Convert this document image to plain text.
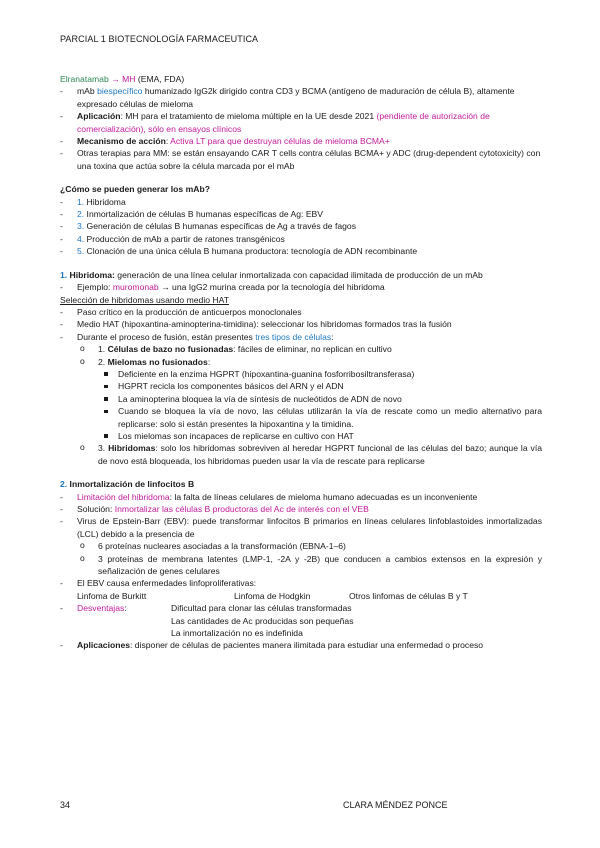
PARCIAL 1 BIOTECNOLOGÍA FARMACEUTICA
Elranatamab → MH (EMA, FDA)
- mAb biespecífico humanizado IgG2k dirigido contra CD3 y BCMA (antígeno de maduración de célula B), altamente expresado células de mieloma
- Aplicación: MH para el tratamiento de mieloma múltiple en la UE desde 2021 (pendiente de autorización de comercialización), sólo en ensayos clínicos
- Mecanismo de acción: Activa LT para que destruyan células de mieloma BCMA+
- Otras terapias para MM: se están ensayando CAR T cells contra células BCMA+ y ADC (drug-dependent cytotoxicity) con una toxina que actúa sobre la célula marcada por el mAb
¿Cómo se pueden generar los mAb?
- 1. Hibridoma
- 2. Inmortalización de células B humanas específicas de Ag: EBV
- 3. Generación de células B humanas específicas de Ag a través de fagos
- 4. Producción de mAb a partir de ratones transgénicos
- 5. Clonación de una única célula B humana productora: tecnología de ADN recombinante
1. Hibridoma: generación de una línea celular inmortalizada con capacidad ilimitada de producción de un mAb
- Ejemplo: muromonab → una IgG2 murina creada por la tecnología del hibridoma
Selección de hibridomas usando medio HAT
- Paso crítico en la producción de anticuerpos monoclonales
- Medio HAT (hipoxantina-aminopterina-timidina): seleccionar los hibridomas formados tras la fusión
- Durante el proceso de fusión, están presentes tres tipos de células:
o 1. Células de bazo no fusionadas: fáciles de eliminar, no replican en cultivo
o 2. Mielomas no fusionados:
Deficiente en la enzima HGPRT (hipoxantina-guanina fosforribosiltransferasa)
HGPRT recicla los componentes básicos del ARN y el ADN
La aminopterina bloquea la vía de síntesis de nucleótidos de ADN de novo
Cuando se bloquea la vía de novo, las células utilizarán la vía de rescate como un medio alternativo para replicarse: solo si están presentes la hipoxantina y la timidina.
Los mielomas son incapaces de replicarse en cultivo con HAT
o 3. Hibridomas: solo los hibridomas sobreviven al heredar HGPRT funcional de las células del bazo; aunque la vía de novo está bloqueada, los hibridomas pueden usar la vía de rescate para replicarse
2. Inmortalización de linfocitos B
- Limitación del hibridoma: la falta de líneas celulares de mieloma humano adecuadas es un inconveniente
- Solución: Inmortalizar las células B productoras del Ac de interés con el VEB
- Virus de Epstein-Barr (EBV): puede transformar linfocitos B primarios en líneas celulares linfoblastoides inmortalizadas (LCL) debido a la presencia de
o 6 proteínas nucleares asociadas a la transformación (EBNA-1–6)
o 3 proteínas de membrana latentes (LMP-1, -2A y -2B) que conducen a cambios extensos en la expresión y señalización de genes celulares
- El EBV causa enfermedades linfoproliferativas:
Linfoma de Burkitt	Linfoma de Hodgkin	Otros linfomas de células B y T
- Desventajas:	Dificultad para clonar las células transformadas
Las cantidades de Ac producidas son pequeñas
La inmortalización no es indefinida
- Aplicaciones: disponer de células de pacientes manera ilimitada para estudiar una enfermedad o proceso
34	CLARA MÉNDEZ PONCE
